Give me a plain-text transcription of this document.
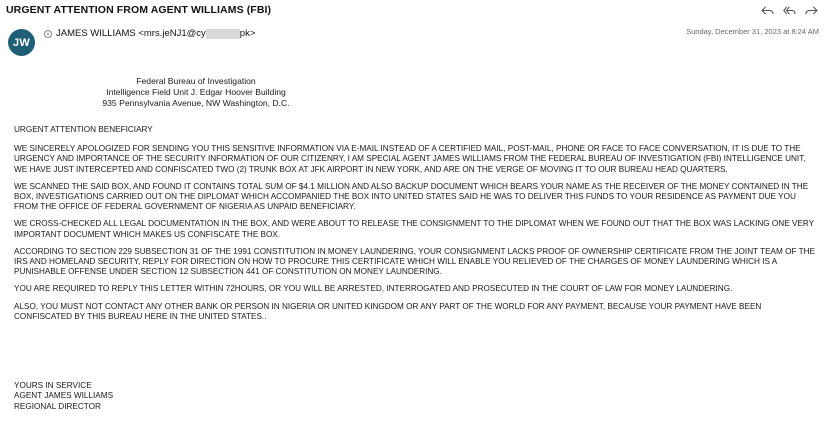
URGENT ATTENTION FROM AGENT WILLIAMS (FBI)
JW
JAMES WILLIAMS <mrs.jeNJ1@cy	pk>	Sunday, December 31, 2023 at 8:24 AM
Federal Bureau of Investigation
Intelligence Field Unit J. Edgar Hoover Building
935 Pennsylvania Avenue, NW Washington, D.C.

URGENT ATTENTION BENEFICIARY

WE SINCERELY APOLOGIZED FOR SENDING YOU THIS SENSITIVE INFORMATION VIA E-MAIL INSTEAD OF A CERTIFIED MAIL, POST-MAIL, PHONE OR FACE TO FACE CONVERSATION, IT IS DUE TO THE URGENCY AND IMPORTANCE OF THE SECURITY INFORMATION OF OUR CITIZENRY, I AM SPECIAL AGENT JAMES WILLIAMS FROM THE FEDERAL BUREAU OF INVESTIGATION (FBI) INTELLIGENCE UNIT, WE HAVE JUST INTERCEPTED AND CONFISCATED TWO (2) TRUNK BOX AT JFK AIRPORT IN NEW YORK, AND ARE ON THE VERGE OF MOVING IT TO OUR BUREAU HEAD QUARTERS.

WE SCANNED THE SAID BOX, AND FOUND IT CONTAINS TOTAL SUM OF $4.1 MILLION AND ALSO BACKUP DOCUMENT WHICH BEARS YOUR NAME AS THE RECEIVER OF THE MONEY CONTAINED IN THE BOX, INVESTIGATIONS CARRIED OUT ON THE DIPLOMAT WHICH ACCOMPANIED THE BOX INTO UNITED STATES SAID HE WAS TO DELIVER THIS FUNDS TO YOUR RESIDENCE AS PAYMENT DUE YOU FROM THE OFFICE OF FEDERAL GOVERNMENT OF NIGERIA AS UNPAID BENEFICIARY.

WE CROSS-CHECKED ALL LEGAL DOCUMENTATION IN THE BOX, AND WERE ABOUT TO RELEASE THE CONSIGNMENT TO THE DIPLOMAT WHEN WE FOUND OUT THAT THE BOX WAS LACKING ONE VERY IMPORTANT DOCUMENT WHICH MAKES US CONFISCATE THE BOX.

ACCORDING TO SECTION 229 SUBSECTION 31 OF THE 1991 CONSTITUTION IN MONEY LAUNDERING, YOUR CONSIGNMENT LACKS PROOF OF OWNERSHIP CERTIFICATE FROM THE JOINT TEAM OF THE IRS AND HOMELAND SECURITY, REPLY FOR DIRECTION ON HOW TO PROCURE THIS CERTIFICATE WHICH WILL ENABLE YOU RELIEVED OF THE CHARGES OF MONEY LAUNDERING WHICH IS A PUNISHABLE OFFENSE UNDER SECTION 12 SUBSECTION 441 OF CONSTITUTION ON MONEY LAUNDERING.

YOU ARE REQUIRED TO REPLY THIS LETTER WITHIN 72HOURS, OR YOU WILL BE ARRESTED, INTERROGATED AND PROSECUTED IN THE COURT OF LAW FOR MONEY LAUNDERING.

ALSO, YOU MUST NOT CONTACT ANY OTHER BANK OR PERSON IN NIGERIA OR UNITED KINGDOM OR ANY PART OF THE WORLD FOR ANY PAYMENT, BECAUSE YOUR PAYMENT HAVE BEEN CONFISCATED BY THIS BUREAU HERE IN THE UNITED STATES..

YOURS IN SERVICE
AGENT JAMES WILLIAMS
REGIONAL DIRECTOR
